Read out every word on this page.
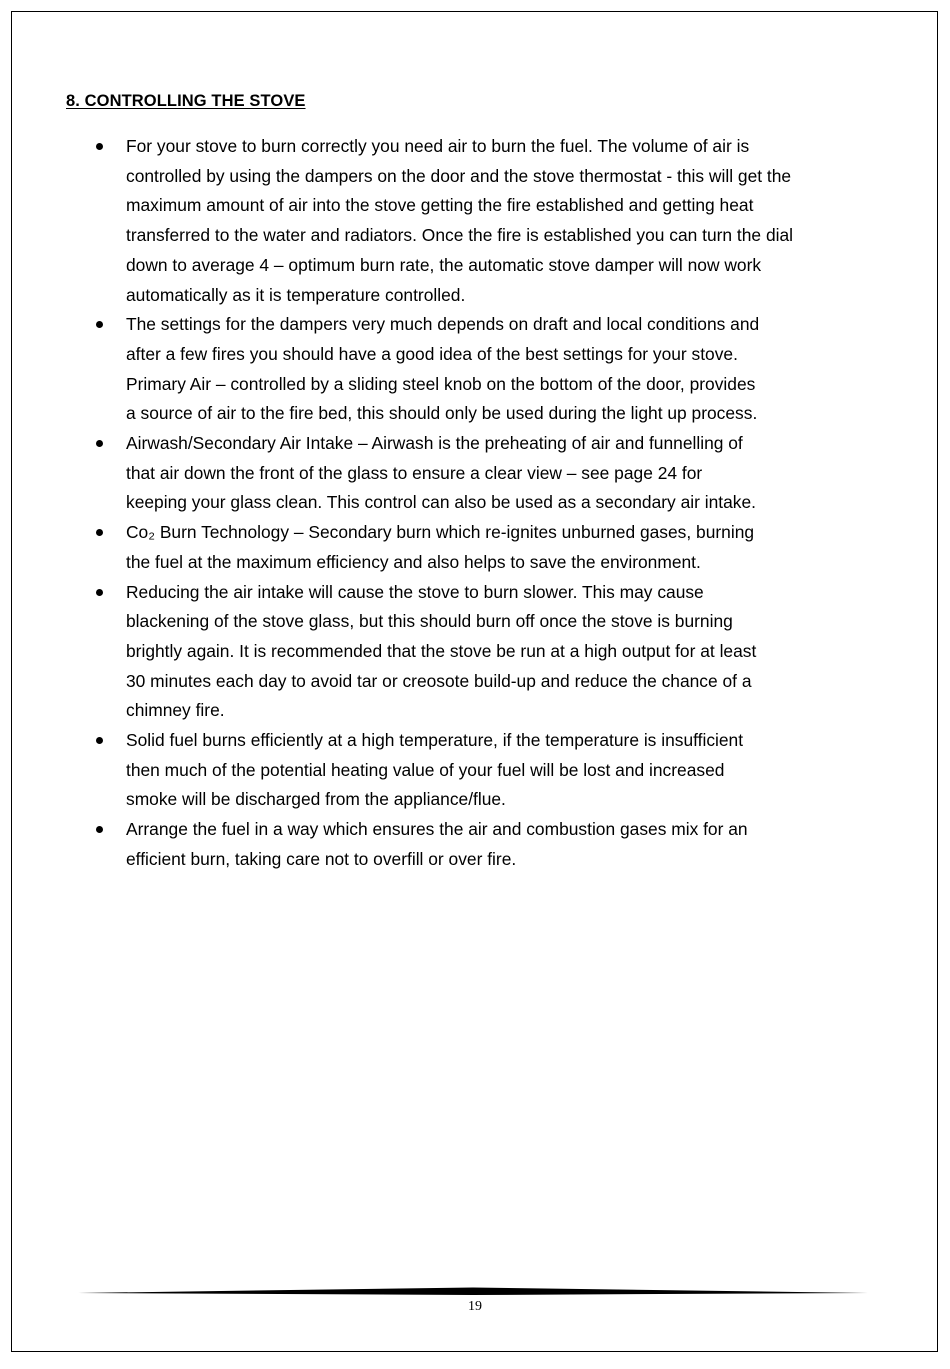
8. CONTROLLING THE STOVE
For your stove to burn correctly you need air to burn the fuel. The volume of air is
controlled by using the dampers on the door and the stove thermostat - this will get the
maximum amount of air into the stove getting the fire established and getting heat
transferred to the water and radiators. Once the fire is established you can turn the dial
down to average 4 – optimum burn rate, the automatic stove damper will now work
automatically as it is temperature controlled.
The settings for the dampers very much depends on draft and local conditions and
after a few fires you should have a good idea of the best settings for your stove.
Primary Air – controlled by a sliding steel knob on the bottom of the door, provides
a source of air to the fire bed, this should only be used during the light up process.
Airwash/Secondary Air Intake – Airwash is the preheating of air and funnelling of
that air down the front of the glass to ensure a clear view – see page 24 for
keeping your glass clean. This control can also be used as a secondary air intake.
Co₂ Burn Technology – Secondary burn which re-ignites unburned gases, burning
the fuel at the maximum efficiency and also helps to save the environment.
Reducing the air intake will cause the stove to burn slower. This may cause
blackening of the stove glass, but this should burn off once the stove is burning
brightly again. It is recommended that the stove be run at a high output for at least
30 minutes each day to avoid tar or creosote build-up and reduce the chance of a
chimney fire.
Solid fuel burns efficiently at a high temperature, if the temperature is insufficient
then much of the potential heating value of your fuel will be lost and increased
smoke will be discharged from the appliance/flue.
Arrange the fuel in a way which ensures the air and combustion gases mix for an
efficient burn, taking care not to overfill or over fire.
19
